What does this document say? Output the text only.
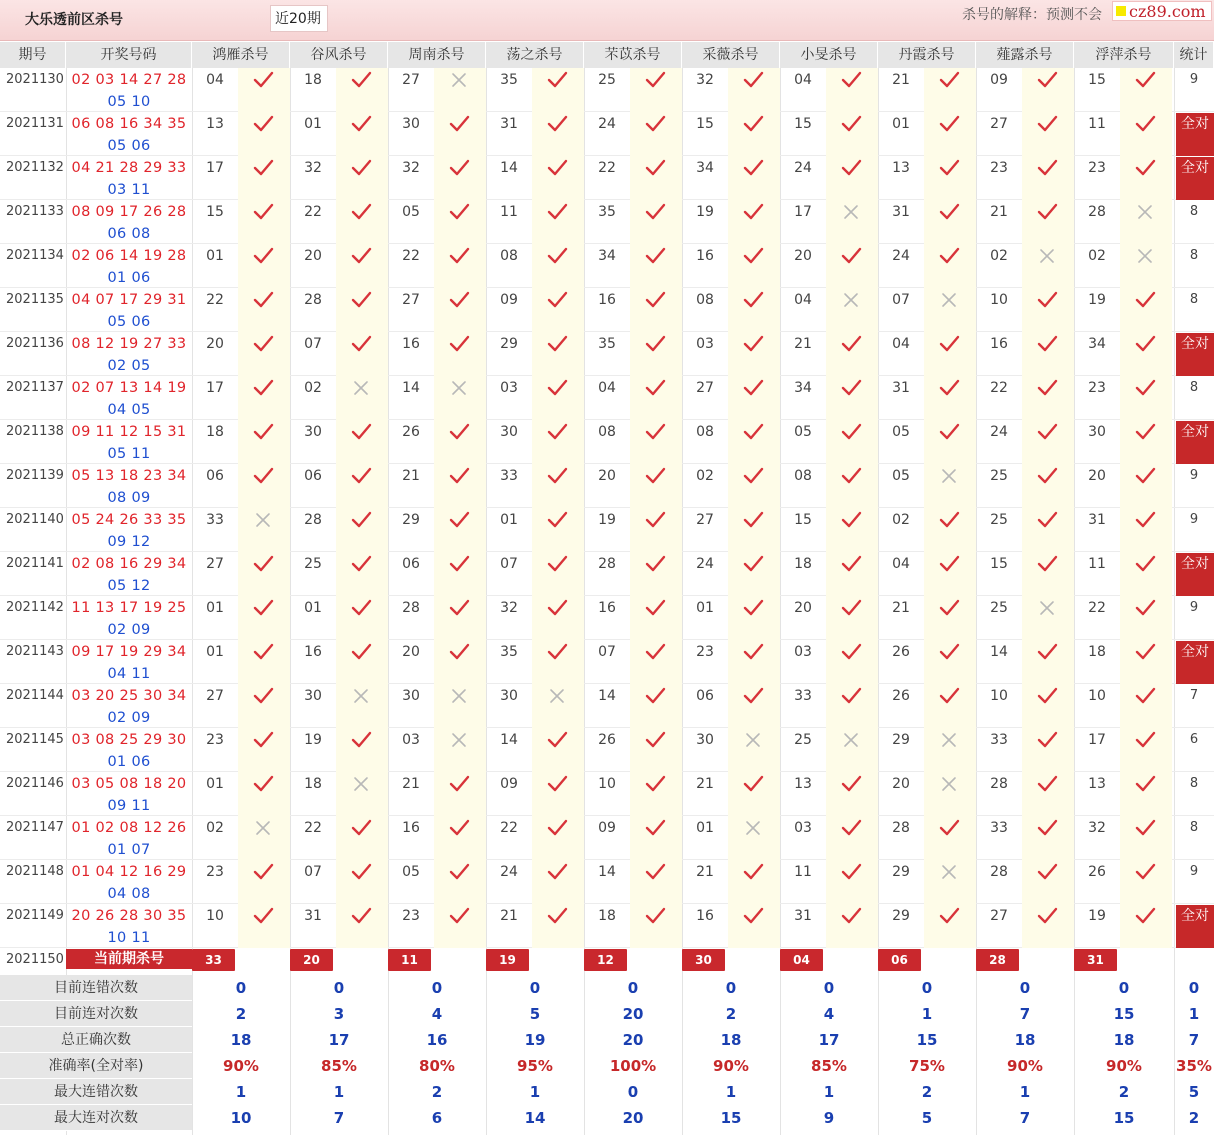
大乐透前区杀号	近20期	杀号的解释：预测不会	cz89.com
期号	开奖号码	鸿雁杀号	谷风杀号	周南杀号	荡之杀号	芣苡杀号	采薇杀号	小旻杀号	丹霞杀号	薤露杀号	浮萍杀号	统计
2021130 02 03 14 27 28
05 10
04	18	27	35	25	32	04	21	09	15	9
2021131 06 08 16 34 35
05 06
13	01	30	31	24	15	15	01	27	11	全对
2021132 04 21 28 29 33
03 11
17	32	32	14	22	34	24	13	23	23	全对
2021133 08 09 17 26 28
06 08
15	22	05	11	35	19	17	31	21	28	8
2021134 02 06 14 19 28
01 06
01	20	22	08	34	16	20	24	02	02	8
2021135 04 07 17 29 31
05 06
22	28	27	09	16	08	04	07	10	19	8
2021136 08 12 19 27 33
02 05
20	07	16	29	35	03	21	04	16	34	全对
2021137 02 07 13 14 19
04 05
17	02	14	03	04	27	34	31	22	23	8
2021138 09 11 12 15 31
05 11
18	30	26	30	08	08	05	05	24	30	全对
2021139 05 13 18 23 34
08 09
06	06	21	33	20	02	08	05	25	20	9
2021140 05 24 26 33 35
09 12
33	28	29	01	19	27	15	02	25	31	9
2021141 02 08 16 29 34
05 12
27	25	06	07	28	24	18	04	15	11	全对
2021142 11 13 17 19 25
02 09
01	01	28	32	16	01	20	21	25	22	9
2021143 09 17 19 29 34
04 11
01	16	20	35	07	23	03	26	14	18	全对
2021144 03 20 25 30 34
02 09
27	30	30	30	14	06	33	26	10	10	7
2021145 03 08 25 29 30
01 06
23	19	03	14	26	30	25	29	33	17	6
2021146 03 05 08 18 20
09 11
01	18	21	09	10	21	13	20	28	13	8
2021147 01 02 08 12 26
01 07
02	22	16	22	09	01	03	28	33	32	8
2021148 01 04 12 16 29
04 08
23	07	05	24	14	21	11	29	28	26	9
2021149 20 26 28 30 35
10 11
10	31	23	21	18	16	31	29	27	19	全对
2021150	当前期杀号	33	20	11	19	12	30	04	06	28	31
目前连错次数	0	0	0	0	0	0	0	0	0	0	0
目前连对次数	2	3	4	5	20	2	4	1	7	15	1
总正确次数	18	17	16	19	20	18	17	15	18	18	7
准确率(全对率)	90%	85%	80%	95%	100%	90%	85%	75%	90%	90%	35%
最大连错次数	1	1	2	1	0	1	1	2	1	2	5
最大连对次数	10	7	6	14	20	15	9	5	7	15	2
